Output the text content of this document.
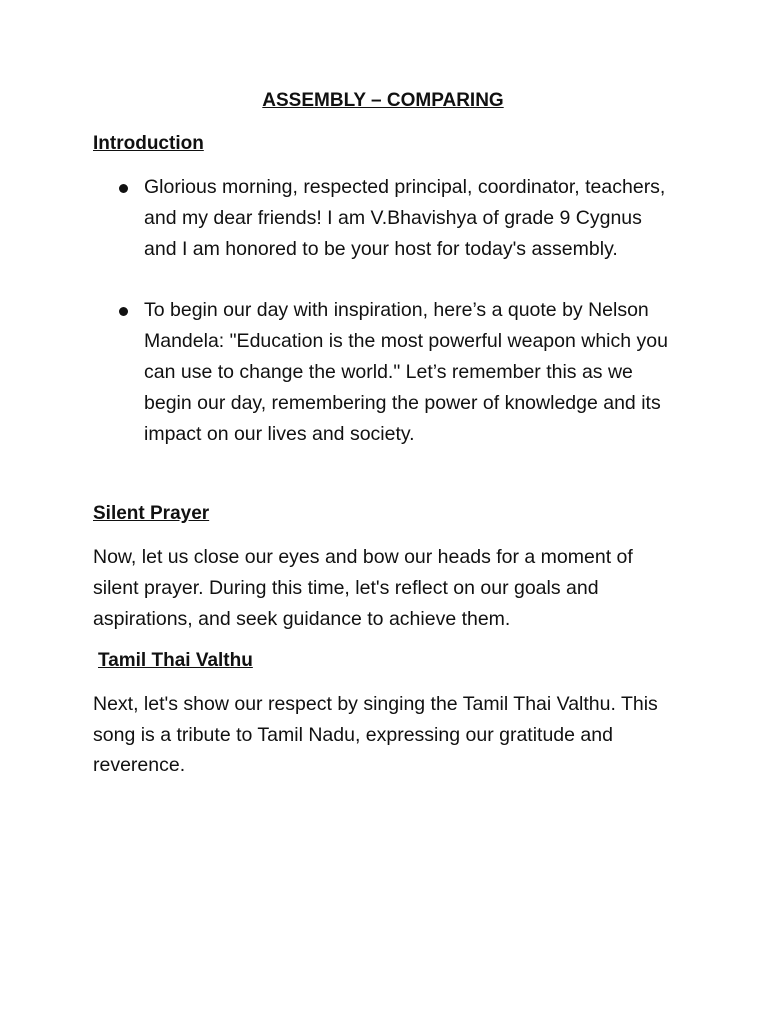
ASSEMBLY – COMPARING
Introduction
Glorious morning, respected principal, coordinator, teachers, and my dear friends! I am V.Bhavishya of grade 9 Cygnus and I am honored to be your host for today's assembly.
To begin our day with inspiration, here’s a quote by Nelson Mandela: "Education is the most powerful weapon which you can use to change the world." Let’s remember this as we begin our day, remembering the power of knowledge and its impact on our lives and society.
Silent Prayer

Now, let us close our eyes and bow our heads for a moment of silent prayer. During this time, let's reflect on our goals and aspirations, and seek guidance to achieve them.

Tamil Thai Valthu

Next, let's show our respect by singing the Tamil Thai Valthu. This song is a tribute to Tamil Nadu, expressing our gratitude and reverence.
